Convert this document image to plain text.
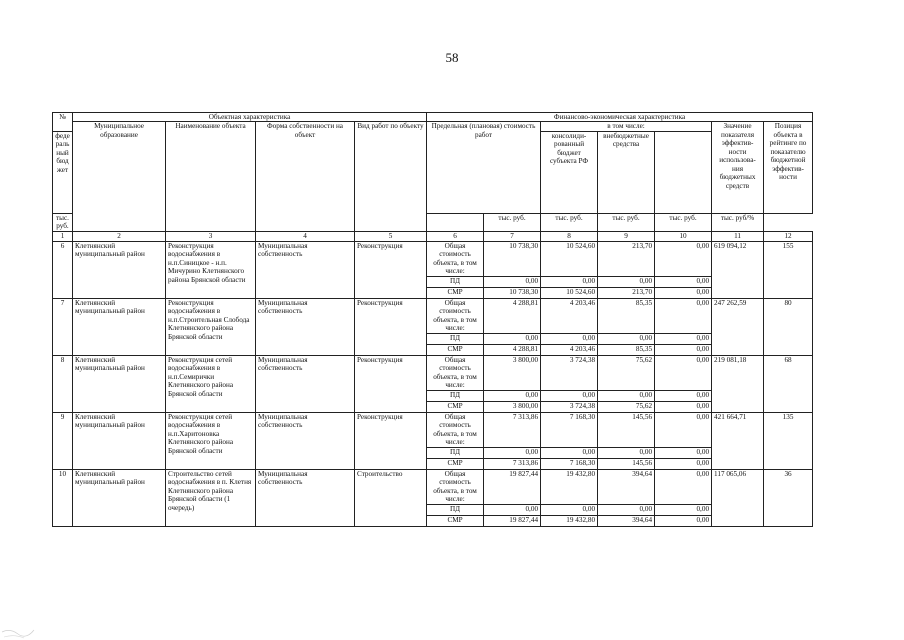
58
№	Объектная характеристика				Финансово-экономическая характеристика						
	Муниципальное образование	Наименование объекта	Форма собственности на объект	Вид работ по объекту	Предельная (плановая) стоимость работ		в том числе:			Значение показателя эффектив-ности использова-ния бюджетных средств	Позиция объекта в рейтинге по показателю бюджетной эффектив-ности
федеральный бюджет							консолиди-рованный бюджет субъекта РФ	внебюджетные средства			
тыс. руб.						тыс. руб.	тыс. руб.	тыс. руб.	тыс. руб.	тыс. руб/%	
1	2	3	4	5	6	7	8	9	10	11	12
6	Клетнянский муниципальный район	Реконструкция водоснабжения в н.п.Синицкое - н.п. Мичурино Клетнянского района Брянской области	Муниципальная собственность	Реконструкция	Общая стоимость объекта, в том числе:	10 738,30	10 524,60	213,70	0,00	619 094,12	155
					ПД	0,00	0,00	0,00	0,00		
					СМР	10 738,30	10 524,60	213,70	0,00		
7	Клетнянский муниципальный район	Реконструкция водоснабжения в н.п.Строительная Слобода Клетнянского района Брянской области	Муниципальная собственность	Реконструкция	Общая стоимость объекта, в том числе:	4 288,81	4 203,46	85,35	0,00	247 262,59	80
					ПД	0,00	0,00	0,00	0,00		
					СМР	4 288,81	4 203,46	85,35	0,00		
8	Клетнянский муниципальный район	Реконструкция сетей водоснабжения в н.п.Семирички Клетнянского района Брянской области	Муниципальная собственность	Реконструкция	Общая стоимость объекта, в том числе:	3 800,00	3 724,38	75,62	0,00	219 081,18	68
					ПД	0,00	0,00	0,00	0,00		
					СМР	3 800,00	3 724,38	75,62	0,00		
9	Клетнянский муниципальный район	Реконструкция сетей водоснабжения в н.п.Харитоновка Клетнянского района Брянской области	Муниципальная собственность	Реконструкция	Общая стоимость объекта, в том числе:	7 313,86	7 168,30	145,56	0,00	421 664,71	135
					ПД	0,00	0,00	0,00	0,00		
					СМР	7 313,86	7 168,30	145,56	0,00		
10	Клетнянский муниципальный район	Строительство сетей водоснабжения в п. Клетня Клетнянского района Брянской области (1 очередь)	Муниципальная собственность	Строительство	Общая стоимость объекта, в том числе:	19 827,44	19 432,80	394,64	0,00	117 065,06	36
					ПД	0,00	0,00	0,00	0,00		
					СМР	19 827,44	19 432,80	394,64	0,00		
